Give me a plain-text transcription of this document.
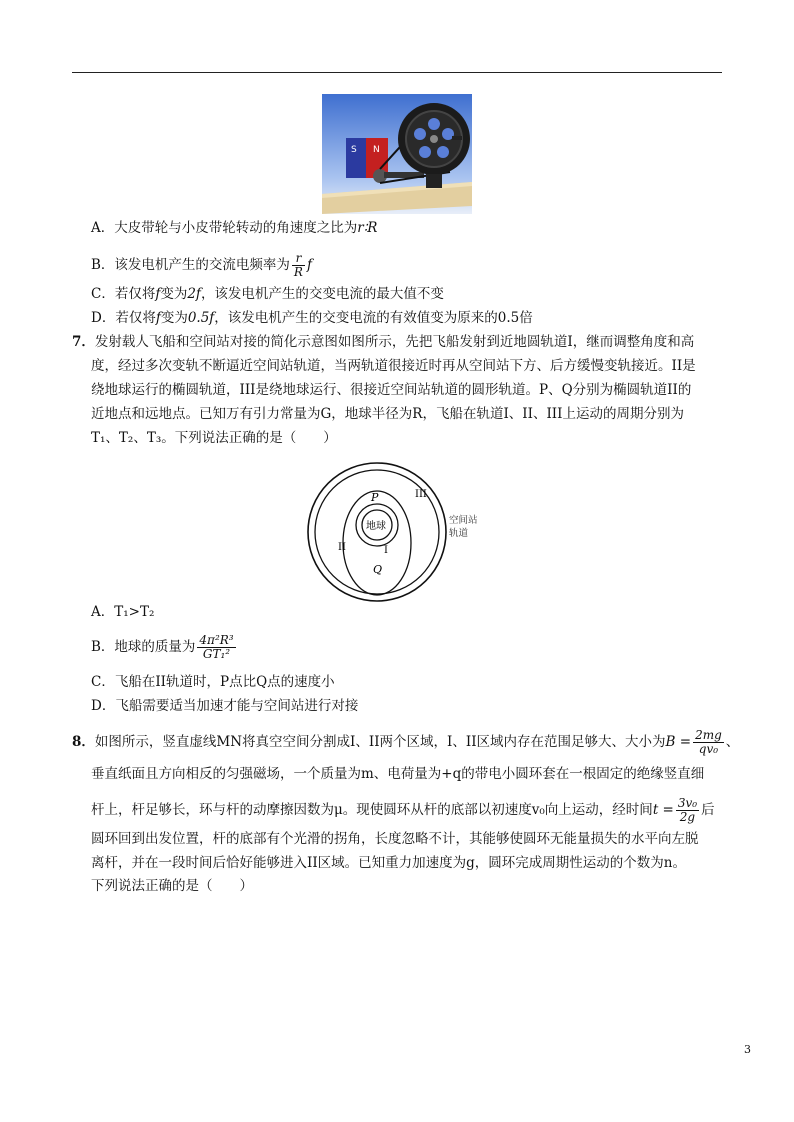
S N
A．大皮带轮与小皮带轮转动的角速度之比为r∶R
B．该发电机产生的交流电频率为 $\frac{r}{R}$ f
C．若仅将f变为2f，该发电机产生的交变电流的最大值不变
D．若仅将f变为0.5f，该发电机产生的交变电流的有效值变为原来的0.5倍
7．发射载人飞船和空间站对接的简化示意图如图所示，先把飞船发射到近地圆轨道I，继而调整角度和高
度，经过多次变轨不断逼近空间站轨道，当两轨道很接近时再从空间站下方、后方缓慢变轨接近。II是
绕地球运行的椭圆轨道，III是绕地球运行、很接近空间站轨道的圆形轨道。P、Q分别为椭圆轨道II的
近地点和远地点。已知万有引力常量为G，地球半径为R，飞船在轨道I、II、III上运动的周期分别为
T₁、T₂、T₃。下列说法正确的是（　　）
地球
P
Q
I
II
III
空间站
轨道
A．T₁>T₂
B．地球的质量为 $\frac{\text{4π²R³}}{\text{GT₁²}}$
C．飞船在II轨道时，P点比Q点的速度小
D．飞船需要适当加速才能与空间站进行对接
8．如图所示，竖直虚线MN将真空空间分割成I、II两个区域，I、II区域内存在范围足够大、大小为$B = \frac{2mg}{\text{qv₀}}$ 、
垂直纸面且方向相反的匀强磁场，一个质量为m、电荷量为+q的带电小圆环套在一根固定的绝缘竖直细
杆上，杆足够长，环与杆的动摩擦因数为μ。现使圆环从杆的底部以初速度v₀向上运动，经时间$t = \frac{\text{3v₀}}{2g}$ 后
圆环回到出发位置，杆的底部有个光滑的拐角，长度忽略不计，其能够使圆环无能量损失的水平向左脱
离杆，并在一段时间后恰好能够进入II区域。已知重力加速度为g，圆环完成周期性运动的个数为n。
下列说法正确的是（　　）
3
